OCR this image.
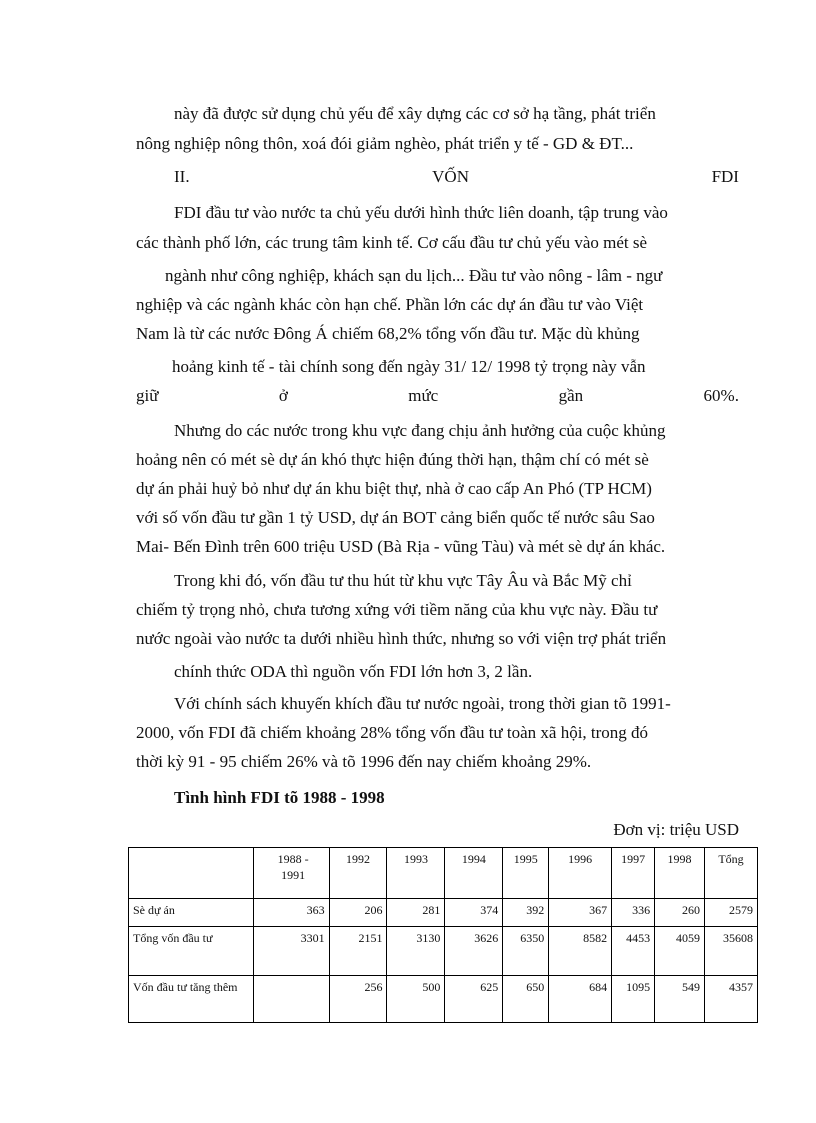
này đã được sử dụng chủ yếu để xây dựng các cơ sở hạ tầng, phát triển
nông nghiệp nông thôn, xoá đói giảm nghèo, phát triển y tế - GD & ĐT...
II.	VỐN	FDI
FDI đầu tư vào nước ta chủ yếu dưới hình thức liên doanh, tập trung vào
các thành phố lớn, các trung tâm kinh tế. Cơ cấu đầu tư chủ yếu vào mét sè
ngành như công nghiệp, khách sạn du lịch... Đầu tư vào nông - lâm - ngư
nghiệp và các ngành khác còn hạn chế. Phần lớn các dự án đầu tư vào Việt
Nam là từ các nước Đông Á chiếm 68,2% tổng vốn đầu tư. Mặc dù khủng
hoảng kinh tế - tài chính song đến ngày 31/ 12/ 1998 tỷ trọng này vẫn
giữ	ở	mức	gần	60%.
Nhưng do các nước trong khu vực đang chịu ảnh hưởng của cuộc khủng
hoảng nên có mét sè dự án khó thực hiện đúng thời hạn, thậm chí có mét sè
dự án phải huỷ bỏ như dự án khu biệt thự, nhà ở cao cấp An Phó (TP HCM)
với số vốn đầu tư gần 1 tỷ USD, dự án BOT cảng biển quốc tế nước sâu Sao
Mai- Bến Đình trên 600 triệu USD (Bà Rịa - vũng Tàu) và mét sè dự án khác.
Trong khi đó, vốn đầu tư thu hút từ khu vực Tây Âu và Bắc Mỹ chỉ
chiếm tỷ trọng nhỏ, chưa tương xứng với tiềm năng của khu vực này. Đầu tư
nước ngoài vào nước ta dưới nhiều hình thức, nhưng so với viện trợ phát triển
chính thức ODA thì nguồn vốn FDI lớn hơn 3, 2 lần.
Với chính sách khuyến khích đầu tư nước ngoài, trong thời gian tõ 1991-
2000, vốn FDI đã chiếm khoảng 28% tổng vốn đầu tư toàn xã hội, trong đó
thời kỳ 91 - 95 chiếm 26% và tõ 1996 đến nay chiếm khoảng 29%.
Tình hình FDI tõ 1988 - 1998
Đơn vị: triệu USD
	1988 - 1991	1992	1993	1994	1995	1996	1997	1998	Tổng
Sè dự án	363	206	281	374	392	367	336	260	2579
Tổng vốn đầu tư	3301	2151	3130	3626	6350	8582	4453	4059	35608
Vốn đầu tư tăng thêm		256	500	625	650	684	1095	549	4357
